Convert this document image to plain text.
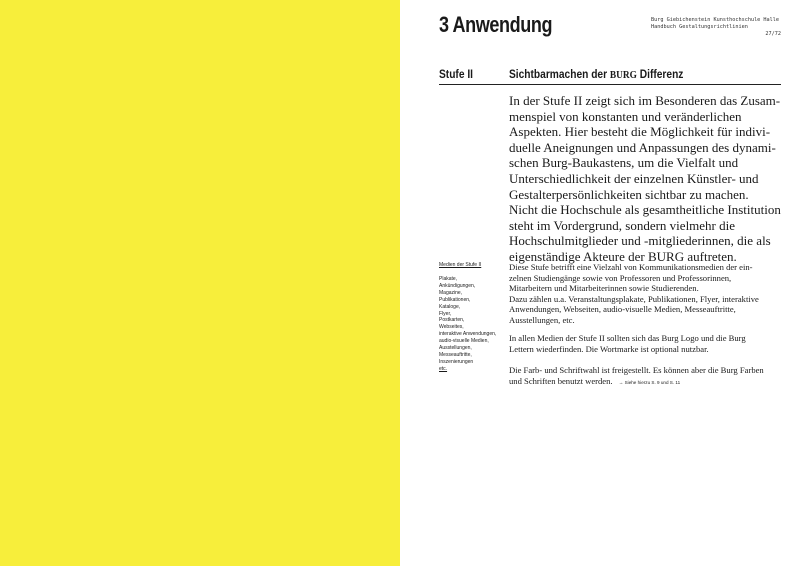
3 Anwendung	Burg Giebichenstein Kunsthochschule Halle
Handbuch Gestaltungsrichtlinien
27/72
Stufe II	Sichtbarmachen der BURG Differenz
In der Stufe II zeigt sich im Besonderen das Zusam-
menspiel von konstanten und veränderlichen
Aspekten. Hier besteht die Möglichkeit für indivi-
duelle Aneignungen und Anpassungen des dynami-
schen Burg-Baukastens, um die Vielfalt und
Unterschiedlichkeit der einzelnen Künstler- und
Gestalterpersönlichkeiten sichtbar zu machen.
Nicht die Hochschule als gesamtheitliche Institution
steht im Vordergrund, sondern vielmehr die
Hochschulmitglieder und -mitgliederinnen, die als
eigenständige Akteure der BURG auftreten.
Medien der Stufe II
Plakate,
Ankündigungen,
Magazine,
Publikationen,
Kataloge,
Flyer,
Postkarten,
Webseites,
interaktive Anwendungen,
audio-visuelle Medien,
Ausstellungen,
Messeauftritte,
Inszenierungen
etc.
Diese Stufe betrifft eine Vielzahl von Kommunikationsmedien der ein-
zelnen Studiengänge sowie von Professoren und Professorinnen,
Mitarbeitern und Mitarbeiterinnen sowie Studierenden.
Dazu zählen u.a. Veranstaltungsplakate, Publikationen, Flyer, interaktive
Anwendungen, Webseiten, audio-visuelle Medien, Messeauftritte,
Ausstellungen, etc.
In allen Medien der Stufe II sollten sich das Burg Logo und die Burg
Lettern wiederfinden. Die Wortmarke ist optional nutzbar.
Die Farb- und Schriftwahl ist freigestellt. Es können aber die Burg Farben
und Schriften benutzt werden. → Siehe hierzu S. 9 und S. 11
